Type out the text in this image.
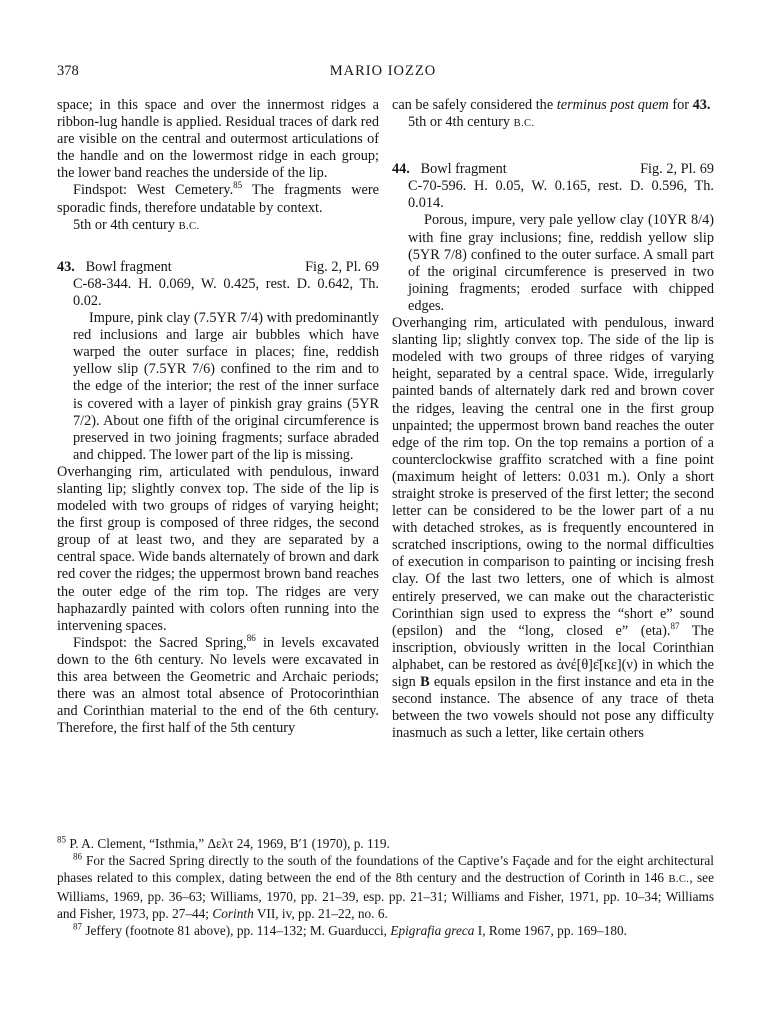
378	MARIO IOZZO

space; in this space and over the innermost ridges a ribbon-lug handle is applied. Residual traces of dark red are visible on the central and outermost articulations of the handle and on the lowermost ridge in each group; the lower band reaches the underside of the lip.

Findspot: West Cemetery.$^{85}$ The fragments were sporadic finds, therefore undatable by context.

5th or 4th century B.C.

43. Bowl fragment	Fig. 2, Pl. 69

C-68-344. H. 0.069, W. 0.425, rest. D. 0.642, Th. 0.02.

Impure, pink clay (7.5YR 7/4) with predominantly red inclusions and large air bubbles which have warped the outer surface in places; fine, reddish yellow slip (7.5YR 7/6) confined to the rim and to the edge of the interior; the rest of the inner surface is covered with a layer of pinkish gray grains (5YR 7/2). About one fifth of the original circumference is preserved in two joining fragments; surface abraded and chipped. The lower part of the lip is missing.

Overhanging rim, articulated with pendulous, inward slanting lip; slightly convex top. The side of the lip is modeled with two groups of ridges of varying height; the first group is composed of three ridges, the second group of at least two, and they are separated by a central space. Wide bands alternately of brown and dark red cover the ridges; the uppermost brown band reaches the outer edge of the rim top. The ridges are very haphazardly painted with colors often running into the intervening spaces.

Findspot: the Sacred Spring,$^{86}$ in levels excavated down to the 6th century. No levels were excavated in this area between the Geometric and Archaic periods; there was an almost total absence of Protocorinthian and Corinthian material to the end of the 6th century. Therefore, the first half of the 5th century

can be safely considered the terminus post quem for 43.

5th or 4th century B.C.

44. Bowl fragment	Fig. 2, Pl. 69

C-70-596. H. 0.05, W. 0.165, rest. D. 0.596, Th. 0.014.

Porous, impure, very pale yellow clay (10YR 8/4) with fine gray inclusions; fine, reddish yellow slip (5YR 7/8) confined to the outer surface. A small part of the original circumference is preserved in two joining fragments; eroded surface with chipped edges.

Overhanging rim, articulated with pendulous, inward slanting lip; slightly convex top. The side of the lip is modeled with two groups of three ridges of varying height, separated by a central space. Wide, irregularly painted bands of alternately dark red and brown cover the ridges, leaving the central one in the first group unpainted; the uppermost brown band reaches the outer edge of the rim top. On the top remains a portion of a counterclockwise graffito scratched with a fine point (maximum height of letters: 0.031 m.). Only a short straight stroke is preserved of the first letter; the second letter can be considered to be the lower part of a nu with detached strokes, as is frequently encountered in scratched inscriptions, owing to the normal difficulties of execution in comparison to painting or incising fresh clay. Of the last two letters, one of which is almost entirely preserved, we can make out the characteristic Corinthian sign used to express the “short e” sound (epsilon) and the “long, closed e” (eta).$^{87}$ The inscription, obviously written in the local Corinthian alphabet, can be restored as ἀνέ[θ]ε̄[κε](ν) in which the sign B equals epsilon in the first instance and eta in the second instance. The absence of any trace of theta between the two vowels should not pose any difficulty inasmuch as such a letter, like certain others

$^{85}$ P. A. Clement, “Isthmia,” Δελτ 24, 1969, B′1 (1970), p. 119.

$^{86}$ For the Sacred Spring directly to the south of the foundations of the Captive’s Façade and for the eight architectural phases related to this complex, dating between the end of the 8th century and the destruction of Corinth in 146 B.C., see Williams, 1969, pp. 36–63; Williams, 1970, pp. 21–39, esp. pp. 21–31; Williams and Fisher, 1971, pp. 10–34; Williams and Fisher, 1973, pp. 27–44; Corinth VII, iv, pp. 21–22, no. 6.

$^{87}$ Jeffery (footnote 81 above), pp. 114–132; M. Guarducci, Epigrafia greca I, Rome 1967, pp. 169–180.
